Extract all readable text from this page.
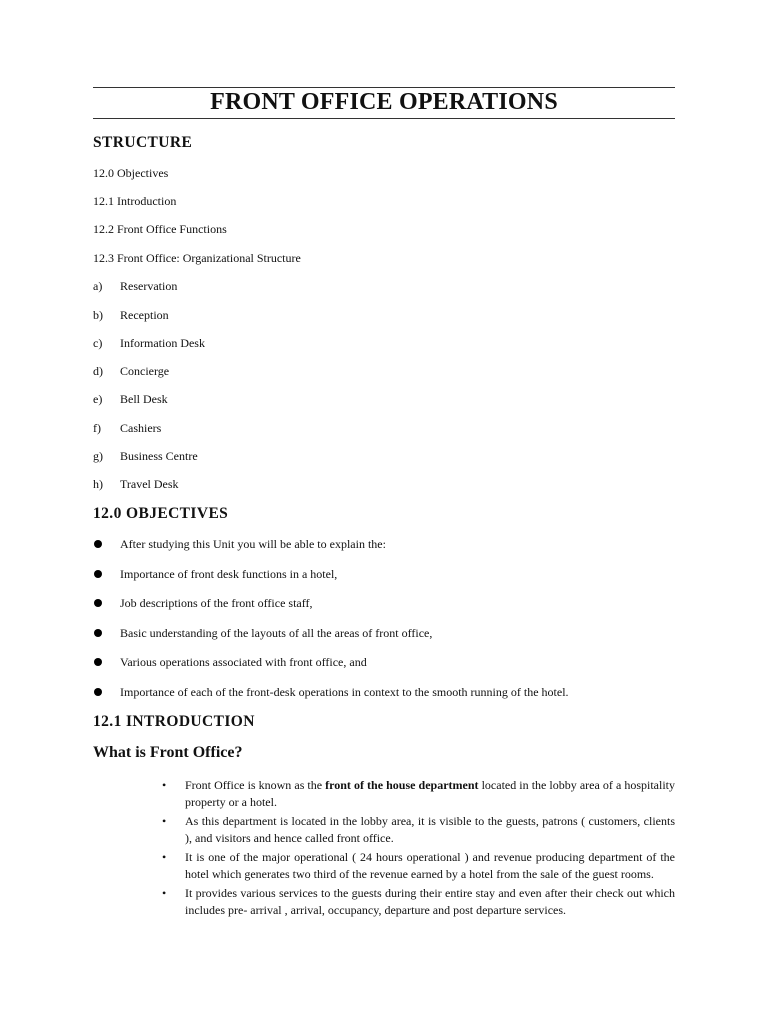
FRONT OFFICE OPERATIONS
STRUCTURE
12.0 Objectives
12.1 Introduction
12.2 Front Office Functions
12.3 Front Office: Organizational Structure
a) Reservation
b) Reception
c) Information Desk
d) Concierge
e) Bell Desk
f) Cashiers
g) Business Centre
h) Travel Desk
12.0 OBJECTIVES
After studying this Unit you will be able to explain the:
Importance of front desk functions in a hotel,
Job descriptions of the front office staff,
Basic understanding of the layouts of all the areas of front office,
Various operations associated with front office, and
Importance of each of the front-desk operations in context to the smooth running of the hotel.
12.1 INTRODUCTION
What is Front Office?
• Front Office is known as the front of the house department located in the lobby area of a hospitality property or a hotel.
• As this department is located in the lobby area, it is visible to the guests, patrons ( customers, clients ), and visitors and hence called front office.
• It is one of the major operational ( 24 hours operational ) and revenue producing department of the hotel which generates two third of the revenue earned by a hotel from the sale of the guest rooms.
• It provides various services to the guests during their entire stay and even after their check out which includes pre- arrival , arrival, occupancy, departure and post departure services.
